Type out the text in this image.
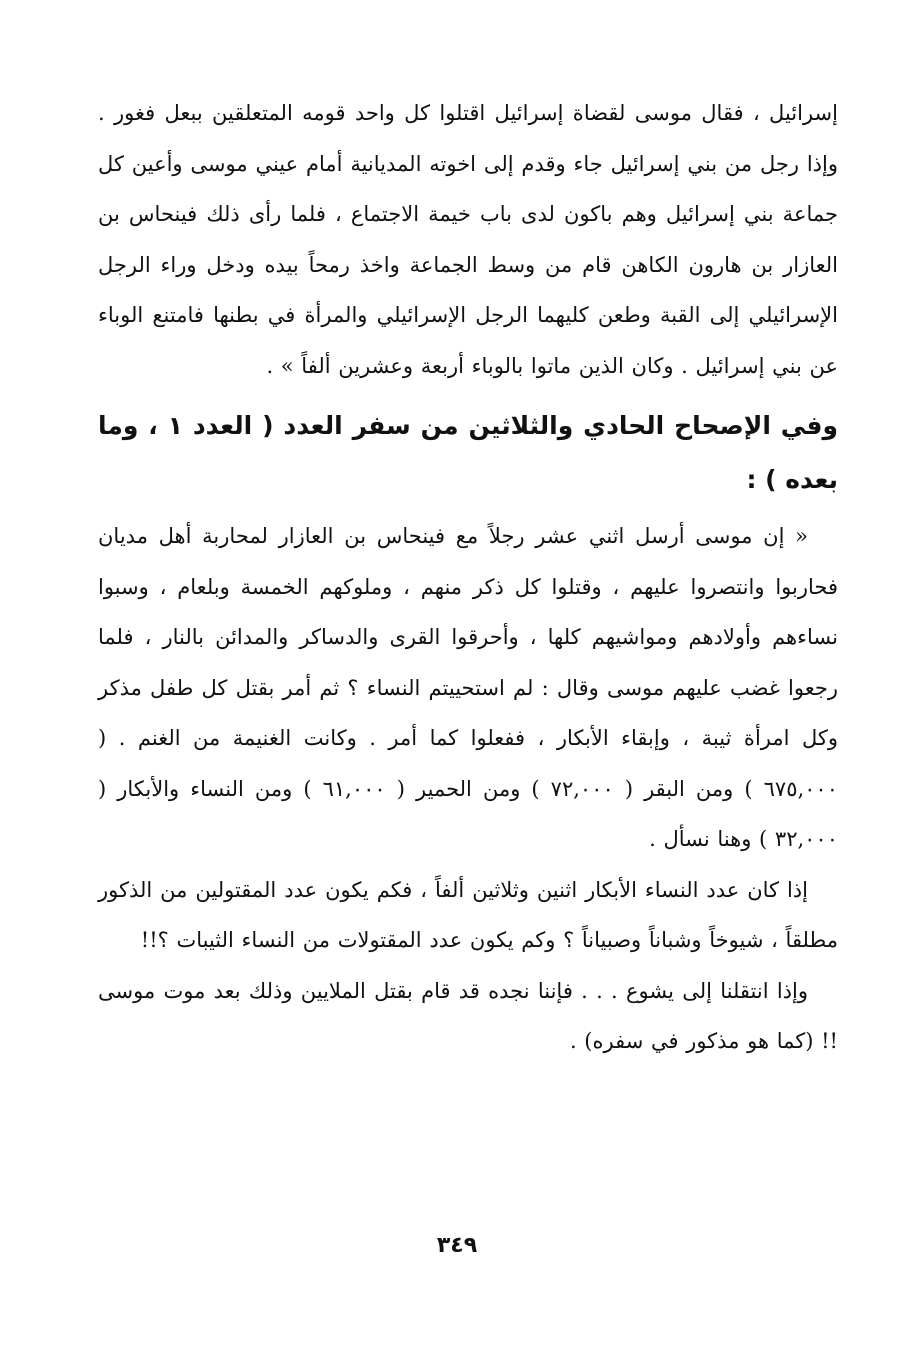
إسرائيل ، فقال موسى لقضاة إسرائيل اقتلوا كل واحد قومه المتعلقين ببعل فغور . وإذا رجل من بني إسرائيل جاء وقدم إلى اخوته المديانية أمام عيني موسى وأعين كل جماعة بني إسرائيل وهم باكون لدى باب خيمة الاجتماع ، فلما رأى ذلك فينحاس بن العازار بن هارون الكاهن قام من وسط الجماعة واخذ رمحاً بيده ودخل وراء الرجل الإسرائيلي إلى القبة وطعن كليهما الرجل الإسرائيلي والمرأة في بطنها فامتنع الوباء عن بني إسرائيل . وكان الذين ماتوا بالوباء أربعة وعشرين ألفاً » .

وفي الإصحاح الحادي والثلاثين من سفر العدد ( العدد ١ ، وما بعده ) :

« إن موسى أرسل اثني عشر رجلاً مع فينحاس بن العازار لمحاربة أهل مديان فحاربوا وانتصروا عليهم ، وقتلوا كل ذكر منهم ، وملوكهم الخمسة وبلعام ، وسبوا نساءهم وأولادهم ومواشيهم كلها ، وأحرقوا القرى والدساكر والمدائن بالنار ، فلما رجعوا غضب عليهم موسى وقال : لم استحييتم النساء ؟ ثم أمر بقتل كل طفل مذكر وكل امرأة ثيبة ، وإبقاء الأبكار ، ففعلوا كما أمر . وكانت الغنيمة من الغنم . ( ٦٧٥,٠٠٠ ) ومن البقر ( ٧٢,٠٠٠ ) ومن الحمير ( ٦١,٠٠٠ ) ومن النساء والأبكار ( ٣٢,٠٠٠ ) وهنا نسأل .

إذا كان عدد النساء الأبكار اثنين وثلاثين ألفاً ، فكم يكون عدد المقتولين من الذكور مطلقاً ، شيوخاً وشباناً وصبياناً ؟ وكم يكون عدد المقتولات من النساء الثيبات ؟!!

وإذا انتقلنا إلى يشوع . . . فإننا نجده قد قام بقتل الملايين وذلك بعد موت موسى !! (كما هو مذكور في سفره) .

٣٤٩
